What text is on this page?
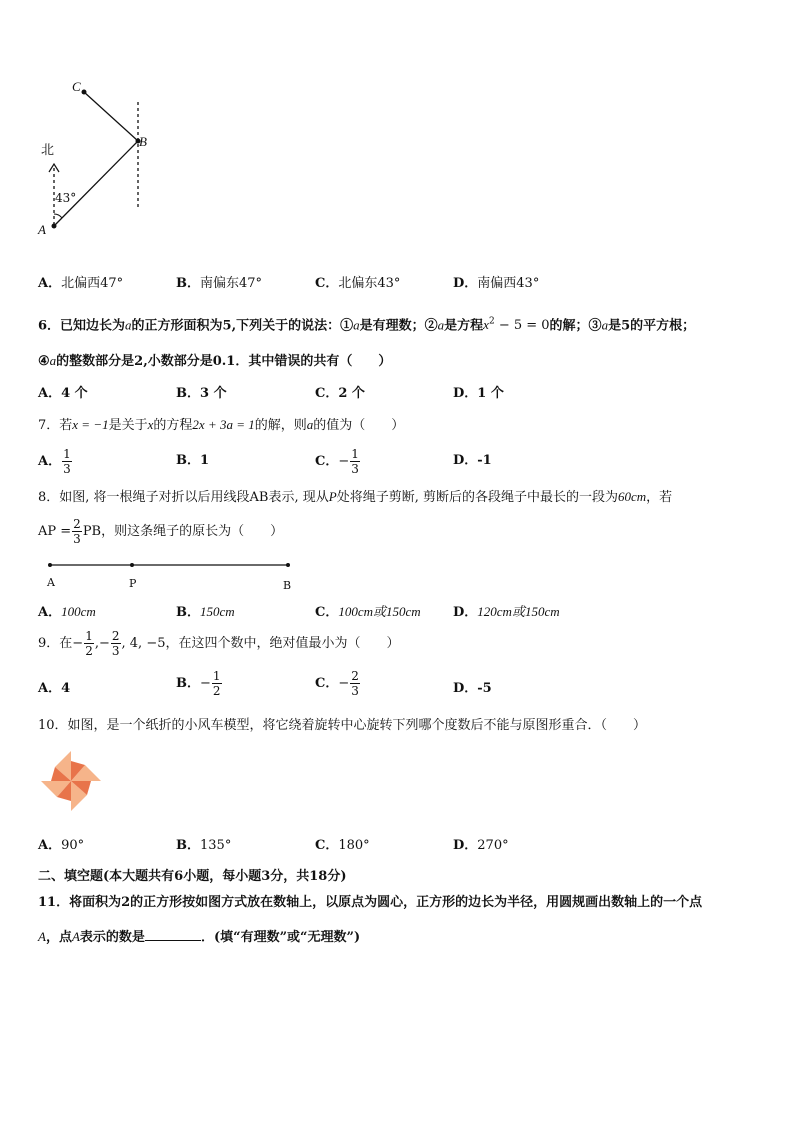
C
B
A
北
43°
A．北偏西47°	B．南偏东47°	C．北偏东43°	D．南偏西43°
6．已知边长为a的正方形面积为5,下列关于的说法：①a是有理数；②a是方程$x^2 - 5 = 0$的解；③a是5的平方根；
④a的整数部分是2,小数部分是0.1．其中错误的共有（　　）
A．4 个	B．3 个	C．2 个	D．1 个
7．若x = −1是关于x的方程2x + 3a = 1的解，则a的值为（　　）
A． $\frac{1}{3}$	B．1	C．− $\frac{1}{3}$	D．-1
8．如图, 将一根绳子对折以后用线段AB表示, 现从P处将绳子剪断, 剪断后的各段绳子中最长的一段为60cm，若
AP = $\frac{2}{3}$ PB，则这条绳子的原长为（　　）
A	P	B
A．100cm	B．150cm	C．100cm或150cm D．120cm或150cm
9．在− $\frac{1}{2}$ ,− $\frac{2}{3}$ , 4, −5，在这四个数中，绝对值最小为（　　）
A．4	B．− $\frac{1}{2}$	C．− $\frac{2}{3}$	D．-5
10．如图，是一个纸折的小风车模型，将它绕着旋转中心旋转下列哪个度数后不能与原图形重合．（　　）
A．90°	B．135°	C．180°	D．270°
二、填空题(本大题共有6小题，每小题3分，共18分)
11．将面积为2的正方形按如图方式放在数轴上，以原点为圆心，正方形的边长为半径，用圆规画出数轴上的一个点
A，点A表示的数是	．(填“有理数”或“无理数”)
